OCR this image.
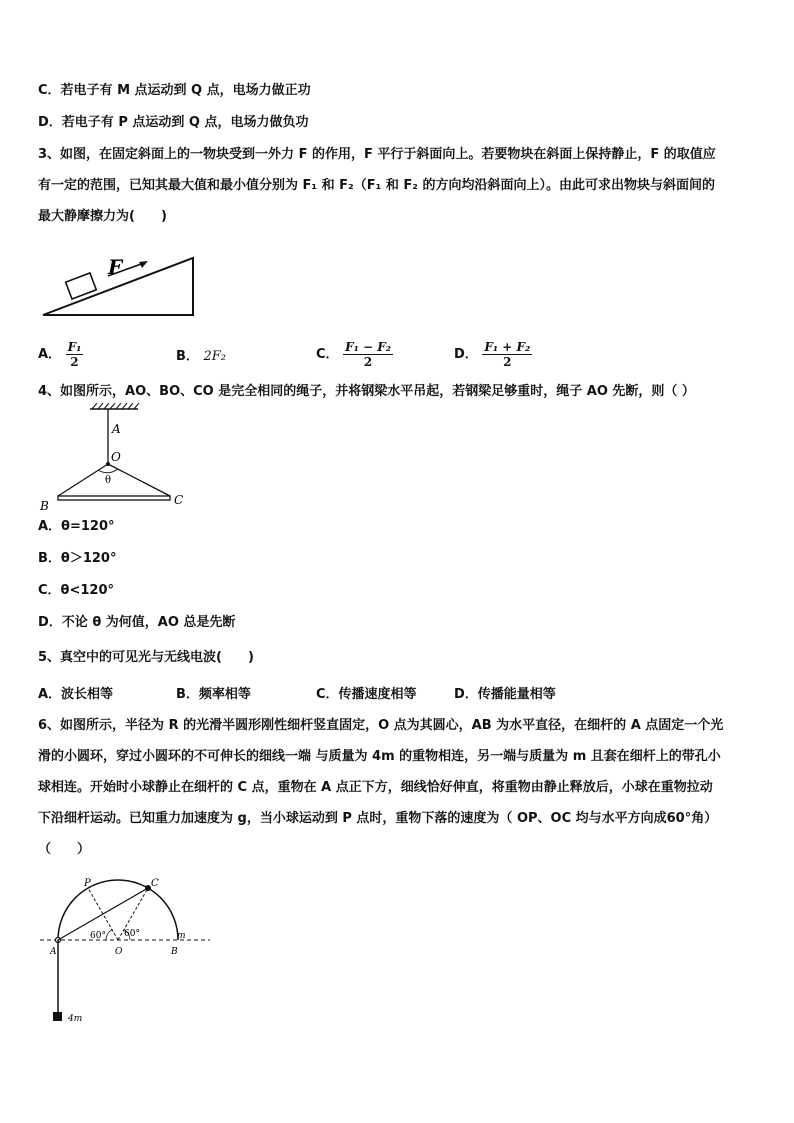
C．若电子有 M 点运动到 Q 点，电场力做正功
D．若电子有 P 点运动到 Q 点，电场力做负功
3、如图，在固定斜面上的一物块受到一外力 F 的作用，F 平行于斜面向上。若要物块在斜面上保持静止，F 的取值应
有一定的范围，已知其最大值和最小值分别为 F₁ 和 F₂（F₁ 和 F₂ 的方向均沿斜面向上）。由此可求出物块与斜面间的
最大静摩擦力为(　　)
F
A． $\frac{\text{F₁}}{2}$	B． 2F₂	C． $\frac{\text{F₁ − F₂}}{2}$	D． $\frac{\text{F₁ + F₂}}{2}$
4、如图所示，AO、BO、CO 是完全相同的绳子，并将钢梁水平吊起，若钢梁足够重时，绳子 AO 先断，则（ ）
A
O
θ
B	C
A．θ=120°
B．θ＞120°
C．θ<120°
D．不论 θ 为何值，AO 总是先断
5、真空中的可见光与无线电波(　　)
A．波长相等	B．频率相等	C．传播速度相等	D．传播能量相等
6、如图所示，半径为 R 的光滑半圆形刚性细杆竖直固定，O 点为其圆心，AB 为水平直径，在细杆的 A 点固定一个光
滑的小圆环，穿过小圆环的不可伸长的细线一端 与质量为 4m 的重物相连，另一端与质量为 m 且套在细杆上的带孔小
球相连。开始时小球静止在细杆的 C 点，重物在 A 点正下方，细线恰好伸直，将重物由静止释放后，小球在重物拉动
下沿细杆运动。已知重力加速度为 g，当小球运动到 P 点时，重物下落的速度为（ OP、OC 均与水平方向成60°角）
（　　）
P	C
60° 60°	m
A	O	B
4m
